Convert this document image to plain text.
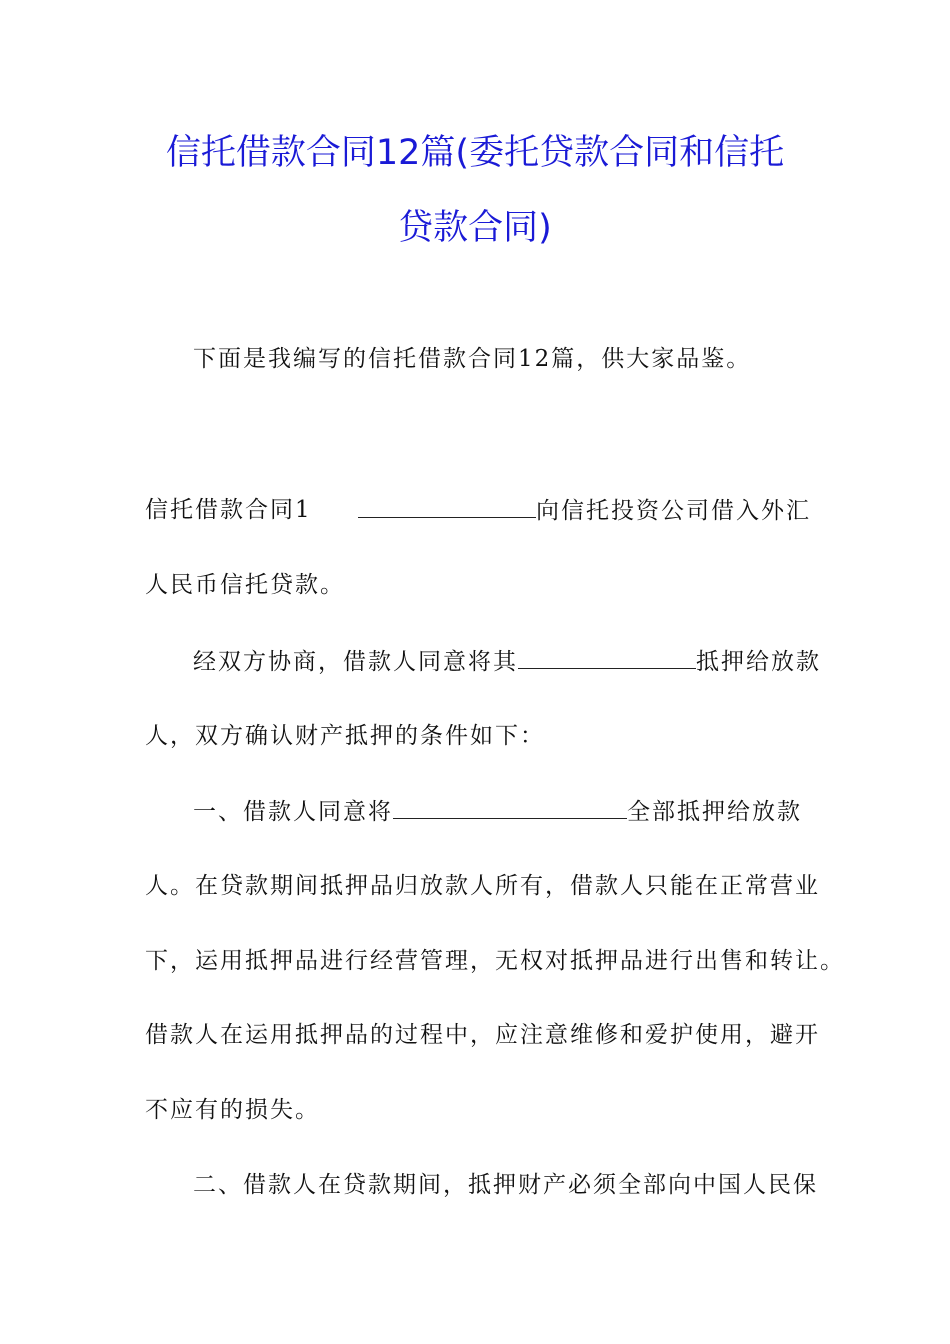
信托借款合同12篇(委托贷款合同和信托
贷款合同)
下面是我编写的信托借款合同12篇，供大家品鉴。
信托借款合同1	向信托投资公司借入外汇
人民币信托贷款。
经双方协商，借款人同意将其	抵押给放款
人，双方确认财产抵押的条件如下：
一、借款人同意将	全部抵押给放款
人。在贷款期间抵押品归放款人所有，借款人只能在正常营业
下，运用抵押品进行经营管理，无权对抵押品进行出售和转让。
借款人在运用抵押品的过程中，应注意维修和爱护使用，避开
不应有的损失。
二、借款人在贷款期间，抵押财产必须全部向中国人民保
